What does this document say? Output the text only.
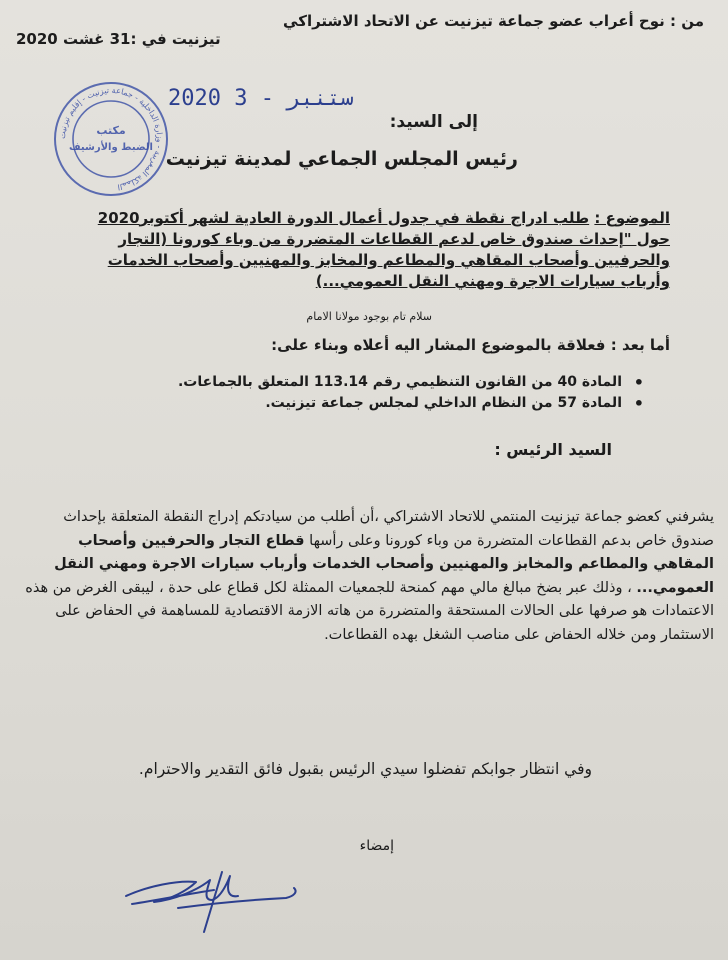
من : نوح أعراب عضو جماعة تيزنيت عن الاتحاد الاشتراكي
تيزنيت في :31 غشت 2020
المملكة المغربية - وزارة الداخلية - جماعة تيزنيت - إقليم تيزنيت
مكتب
الضبط والأرشيف
2020 ستنبر - 3
إلى السيد:
رئيس المجلس الجماعي لمدينة تيزنيت
الموضوع : طلب ادراج نقطة في جدول أعمال الدورة العادية لشهر أكتوبر2020 حول "إحداث صندوق خاص لدعم القطاعات المتضررة من وباء كورونا (التجار والحرفيين وأصحاب المقاهي والمطاعم والمخابز والمهنيين وأصحاب الخدمات وأرباب سيارات الاجرة ومهني النقل العمومي...)
سلام تام بوجود مولانا الامام
أما بعد : فعلاقة بالموضوع المشار اليه أعلاه وبناء على:
• المادة 40 من القانون التنظيمي رقم 113.14 المتعلق بالجماعات.
• المادة 57 من النظام الداخلي لمجلس جماعة تيزنيت.
السيد الرئيس :
يشرفني كعضو جماعة تيزنيت المنتمي للاتحاد الاشتراكي ،أن أطلب من سيادتكم إدراج النقطة المتعلقة بإحداث صندوق خاص بدعم القطاعات المتضررة من وباء كورونا وعلى رأسها قطاع التجار والحرفيين وأصحاب المقاهي والمطاعم والمخابز والمهنيين وأصحاب الخدمات وأرباب سيارات الاجرة ومهني النقل العمومي... ، وذلك عبر بضخ مبالغ مالي مهم كمنحة للجمعيات الممثلة لكل قطاع على حدة ، ليبقى الغرض من هذه الاعتمادات هو صرفها على الحالات المستحقة والمتضررة من هاته الازمة الاقتصادية للمساهمة في الحفاض على الاستثمار ومن خلاله الحفاض على مناصب الشغل بهده القطاعات.
وفي انتظار جوابكم تفضلوا سيدي الرئيس بقبول فائق التقدير والاحترام.
إمضاء
